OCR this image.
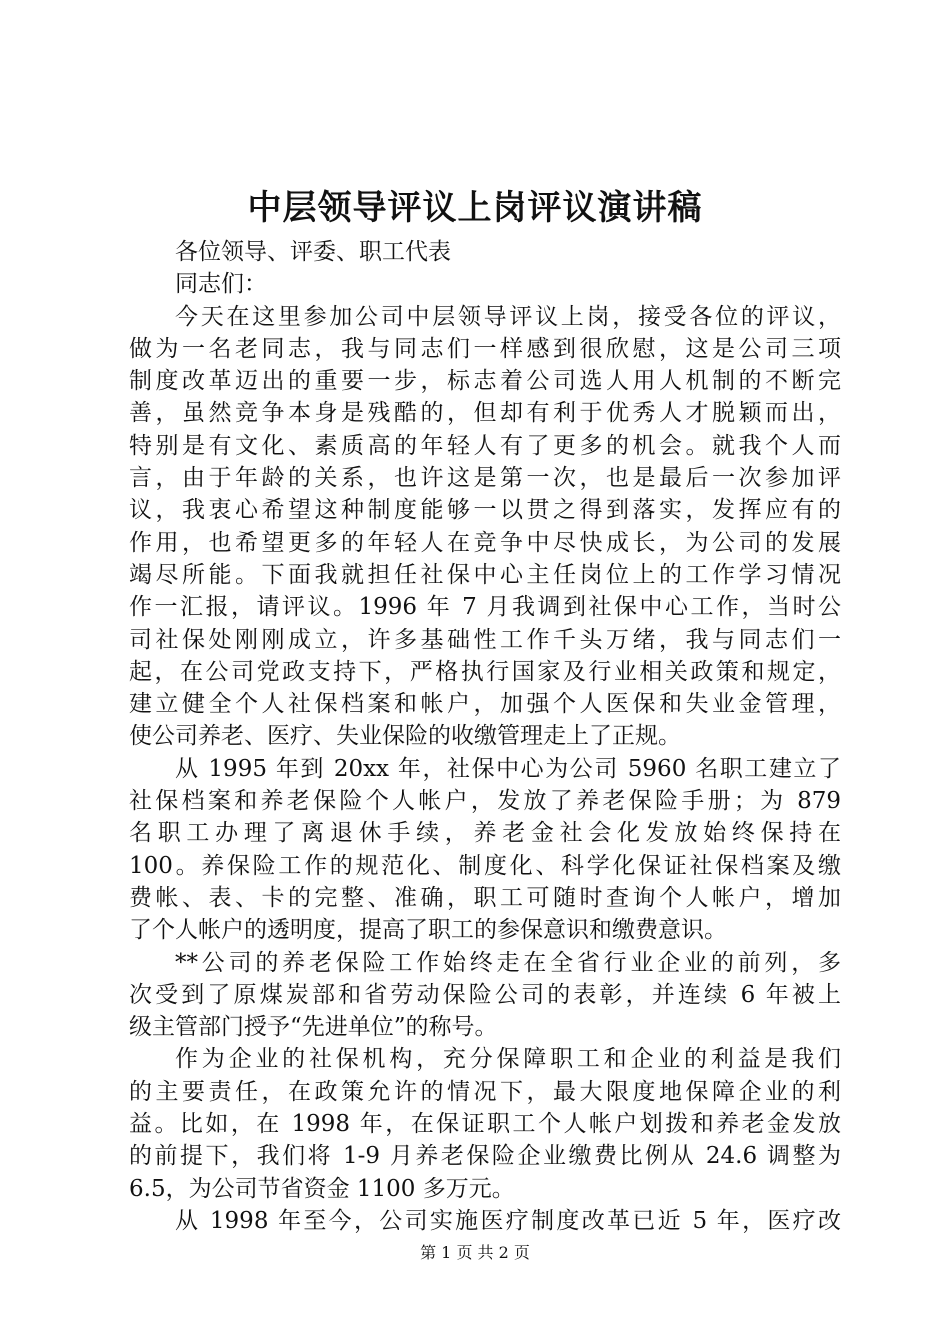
中层领导评议上岗评议演讲稿
各位领导、评委、职工代表
同志们：
今天在这里参加公司中层领导评议上岗，接受各位的评议，
做为一名老同志，我与同志们一样感到很欣慰，这是公司三项
制度改革迈出的重要一步，标志着公司选人用人机制的不断完
善，虽然竞争本身是残酷的，但却有利于优秀人才脱颖而出，
特别是有文化、素质高的年轻人有了更多的机会。就我个人而
言，由于年龄的关系，也许这是第一次，也是最后一次参加评
议，我衷心希望这种制度能够一以贯之得到落实，发挥应有的
作用，也希望更多的年轻人在竞争中尽快成长，为公司的发展
竭尽所能。下面我就担任社保中心主任岗位上的工作学习情况
作一汇报，请评议。1996 年 7 月我调到社保中心工作，当时公
司社保处刚刚成立，许多基础性工作千头万绪，我与同志们一
起，在公司党政支持下，严格执行国家及行业相关政策和规定，
建立健全个人社保档案和帐户，加强个人医保和失业金管理，
使公司养老、医疗、失业保险的收缴管理走上了正规。
从 1995 年到 20xx 年，社保中心为公司 5960 名职工建立了
社保档案和养老保险个人帐户，发放了养老保险手册；为 879
名职工办理了离退休手续，养老金社会化发放始终保持在
100。养保险工作的规范化、制度化、科学化保证社保档案及缴
费帐、表、卡的完整、准确，职工可随时查询个人帐户，增加
了个人帐户的透明度，提高了职工的参保意识和缴费意识。
**公司的养老保险工作始终走在全省行业企业的前列，多
次受到了原煤炭部和省劳动保险公司的表彰，并连续 6 年被上
级主管部门授予“先进单位”的称号。
作为企业的社保机构，充分保障职工和企业的利益是我们
的主要责任，在政策允许的情况下，最大限度地保障企业的利
益。比如，在 1998 年，在保证职工个人帐户划拨和养老金发放
的前提下，我们将 1-9 月养老保险企业缴费比例从 24.6 调整为
6.5，为公司节省资金 1100 多万元。
从 1998 年至今，公司实施医疗制度改革已近 5 年，医疗改
第 1 页 共 2 页
